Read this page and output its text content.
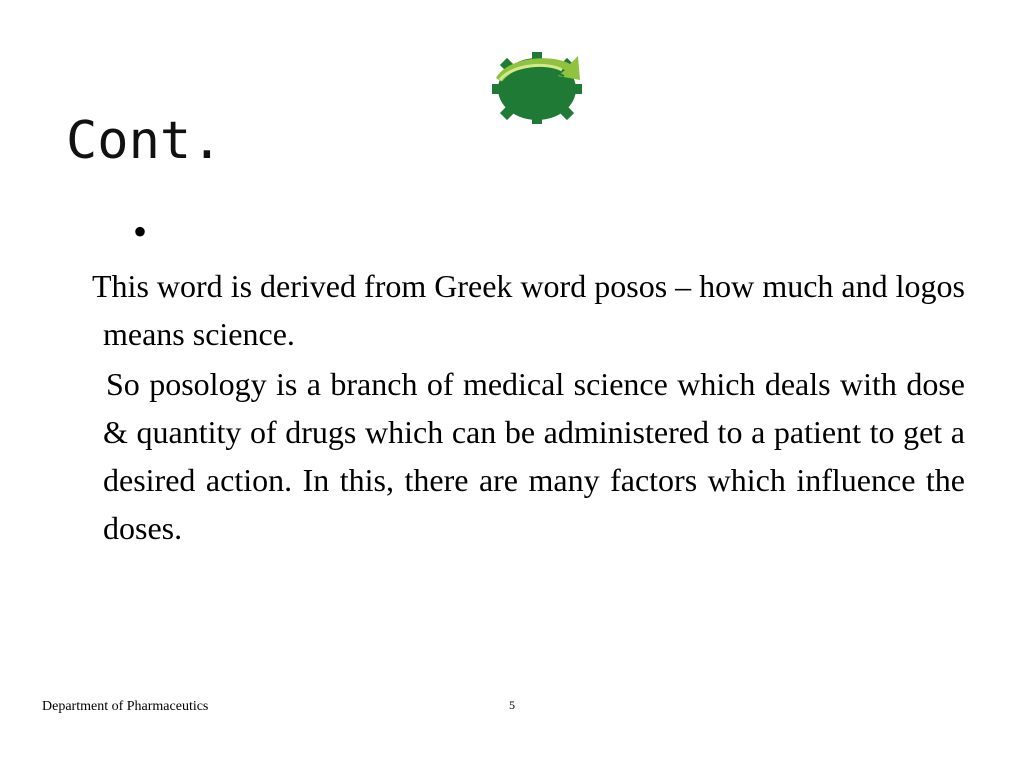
Cont.
•

This word is derived from Greek word posos – how much and logos means science.

So posology is a branch of medical science which deals with dose & quantity of drugs which can be administered to a patient to get a desired action. In this, there are many factors which influence the doses.

Department of Pharmaceutics	5
